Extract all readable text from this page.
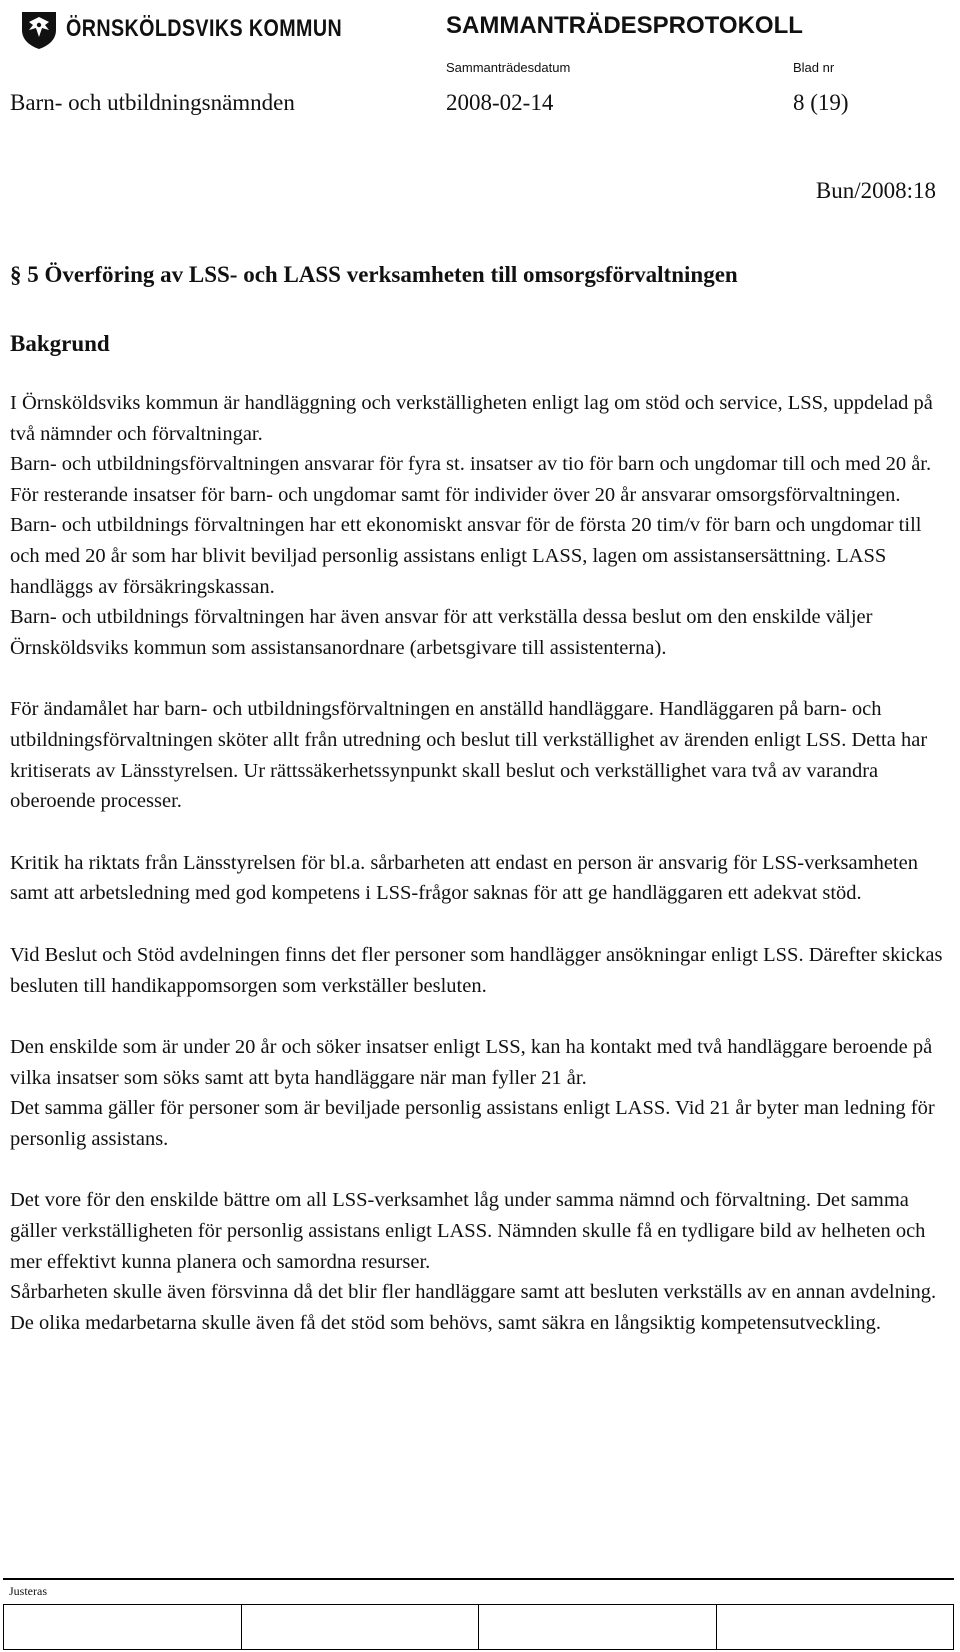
ÖRNSKÖLDSVIKS KOMMUN	SAMMANTRÄDESPROTOKOLL
Sammanträdesdatum	Blad nr
Barn- och utbildningsnämnden	2008-02-14	8 (19)
Bun/2008:18
§ 5 Överföring av LSS- och LASS verksamheten till omsorgsförvaltningen
Bakgrund

I Örnsköldsviks kommun är handläggning och verkställigheten enligt lag om stöd och service, LSS, uppdelad på två nämnder och förvaltningar.

Barn- och utbildningsförvaltningen ansvarar för fyra st. insatser av tio för barn och ungdomar till och med 20 år. För resterande insatser för barn- och ungdomar samt för individer över 20 år ansvarar omsorgsförvaltningen.

Barn- och utbildnings förvaltningen har ett ekonomiskt ansvar för de första 20 tim/v för barn och ungdomar till och med 20 år som har blivit beviljad personlig assistans enligt LASS, lagen om assistansersättning. LASS handläggs av försäkringskassan.

Barn- och utbildnings förvaltningen har även ansvar för att verkställa dessa beslut om den enskilde väljer Örnsköldsviks kommun som assistansanordnare (arbetsgivare till assistenterna).

För ändamålet har barn- och utbildningsförvaltningen en anställd handläggare. Handläggaren på barn- och utbildningsförvaltningen sköter allt från utredning och beslut till verkställighet av ärenden enligt LSS. Detta har kritiserats av Länsstyrelsen. Ur rättssäkerhetssynpunkt skall beslut och verkställighet vara två av varandra oberoende processer.

Kritik ha riktats från Länsstyrelsen för bl.a. sårbarheten att endast en person är ansvarig för LSS-verksamheten samt att arbetsledning med god kompetens i LSS-frågor saknas för att ge handläggaren ett adekvat stöd.

Vid Beslut och Stöd avdelningen finns det fler personer som handlägger ansökningar enligt LSS. Därefter skickas besluten till handikappomsorgen som verkställer besluten.

Den enskilde som är under 20 år och söker insatser enligt LSS, kan ha kontakt med två handläggare beroende på vilka insatser som söks samt att byta handläggare när man fyller 21 år.

Det samma gäller för personer som är beviljade personlig assistans enligt LASS. Vid 21 år byter man ledning för personlig assistans.

Det vore för den enskilde bättre om all LSS-verksamhet låg under samma nämnd och förvaltning. Det samma gäller verkställigheten för personlig assistans enligt LASS. Nämnden skulle få en tydligare bild av helheten och mer effektivt kunna planera och samordna resurser.

Sårbarheten skulle även försvinna då det blir fler handläggare samt att besluten verkställs av en annan avdelning. De olika medarbetarna skulle även få det stöd som behövs, samt säkra en långsiktig kompetensutveckling.

Justeras
